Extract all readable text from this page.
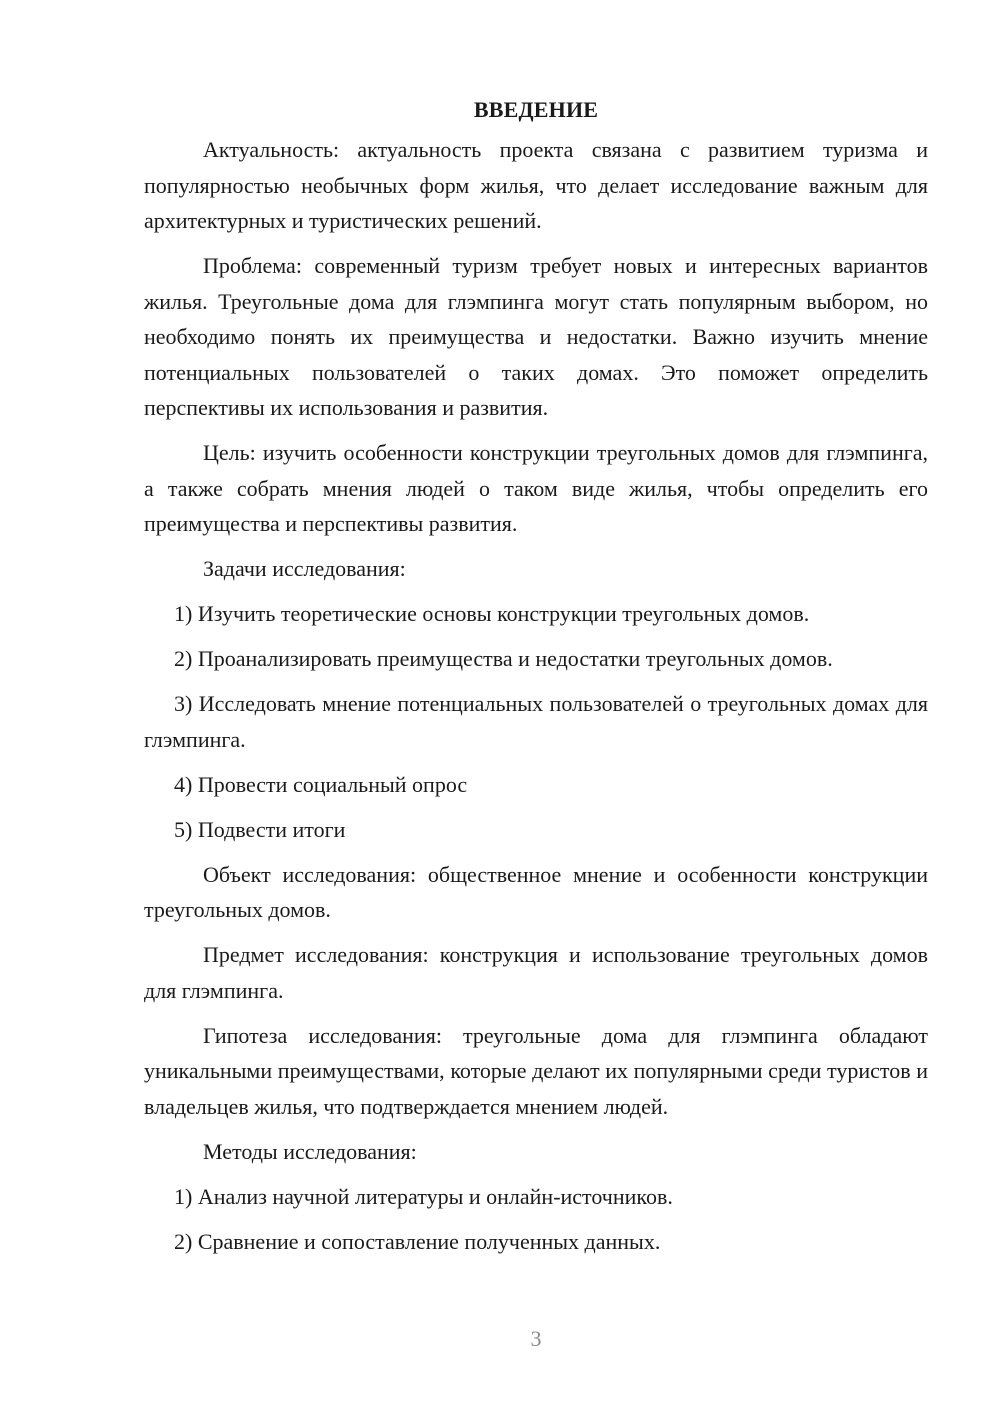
ВВЕДЕНИЕ

Актуальность: актуальность проекта связана с развитием туризма и популярностью необычных форм жилья, что делает исследование важным для архитектурных и туристических решений.

Проблема: современный туризм требует новых и интересных вариантов жилья. Треугольные дома для глэмпинга могут стать популярным выбором, но необходимо понять их преимущества и недостатки. Важно изучить мнение потенциальных пользователей о таких домах. Это поможет определить перспективы их использования и развития.

Цель: изучить особенности конструкции треугольных домов для глэмпинга, а также собрать мнения людей о таком виде жилья, чтобы определить его преимущества и перспективы развития.

Задачи исследования:

1) Изучить теоретические основы конструкции треугольных домов.

2) Проанализировать преимущества и недостатки треугольных домов.

3) Исследовать мнение потенциальных пользователей о треугольных домах для глэмпинга.

4) Провести социальный опрос

5) Подвести итоги

Объект исследования: общественное мнение и особенности конструкции треугольных домов.

Предмет исследования: конструкция и использование треугольных домов для глэмпинга.

Гипотеза исследования: треугольные дома для глэмпинга обладают уникальными преимуществами, которые делают их популярными среди туристов и владельцев жилья, что подтверждается мнением людей.

Методы исследования:

1) Анализ научной литературы и онлайн-источников.

2) Сравнение и сопоставление полученных данных.

3
